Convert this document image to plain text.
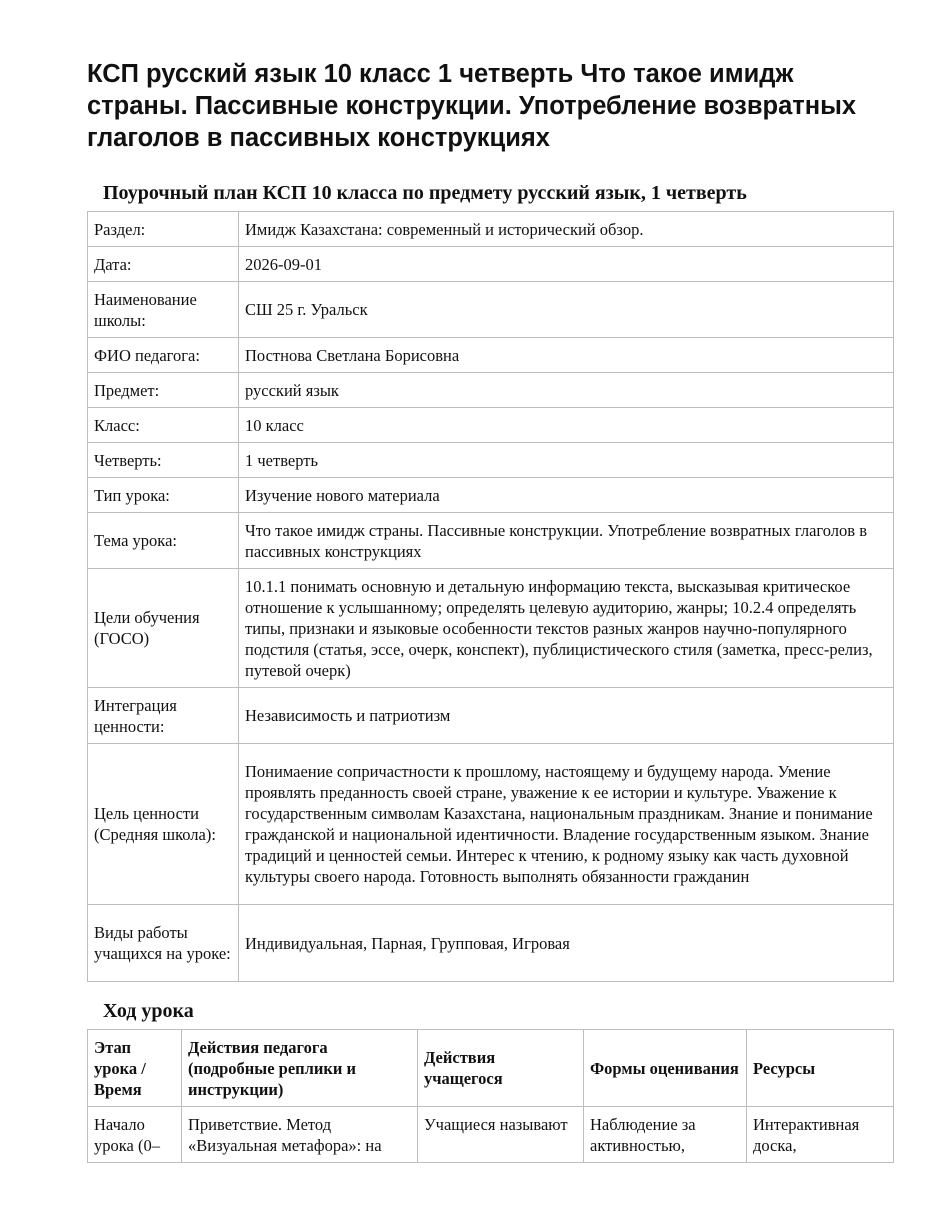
КСП русский язык 10 класс 1 четверть Что такое имидж страны. Пассивные конструкции. Употребление возвратных глаголов в пассивных конструкциях
Поурочный план КСП 10 класса по предмету русский язык, 1 четверть
Раздел:	Имидж Казахстана: современный и исторический обзор.
Дата:	2026-09-01
Наименование школы:	СШ 25 г. Уральск
ФИО педагога:	Постнова Светлана Борисовна
Предмет:	русский язык
Класс:	10 класс
Четверть:	1 четверть
Тип урока:	Изучение нового материала
Тема урока:	Что такое имидж страны. Пассивные конструкции. Употребление возвратных глаголов в пассивных конструкциях
Цели обучения (ГОСО)	10.1.1 понимать основную и детальную информацию текста, высказывая критическое отношение к услышанному; определять целевую аудиторию, жанры; 10.2.4 определять типы, признаки и языковые особенности текстов разных жанров научно-популярного подстиля (статья, эссе, очерк, конспект), публицистического стиля (заметка, пресс-релиз, путевой очерк)
Интеграция ценности:	Независимость и патриотизм
Цель ценности (Средняя школа):	Понимаение сопричастности к прошлому, настоящему и будущему народа. Умение проявлять преданность своей стране, уважение к ее истории и культуре. Уважение к государственным символам Казахстана, национальным праздникам. Знание и понимание гражданской и национальной идентичности. Владение государственным языком. Знание традиций и ценностей семьи. Интерес к чтению, к родному языку как часть духовной культуры своего народа. Готовность выполнять обязанности гражданин
Виды работы учащихся на уроке:	Индивидуальная, Парная, Групповая, Игровая
Ход урока
Этап урока / Время	Действия педагога (подробные реплики и инструкции)	Действия учащегося	Формы оценивания	Ресурсы
Начало урока (0–	Приветствие. Метод «Визуальная метафора»: на	Учащиеся называют	Наблюдение за активностью,	Интерактивная доска,
